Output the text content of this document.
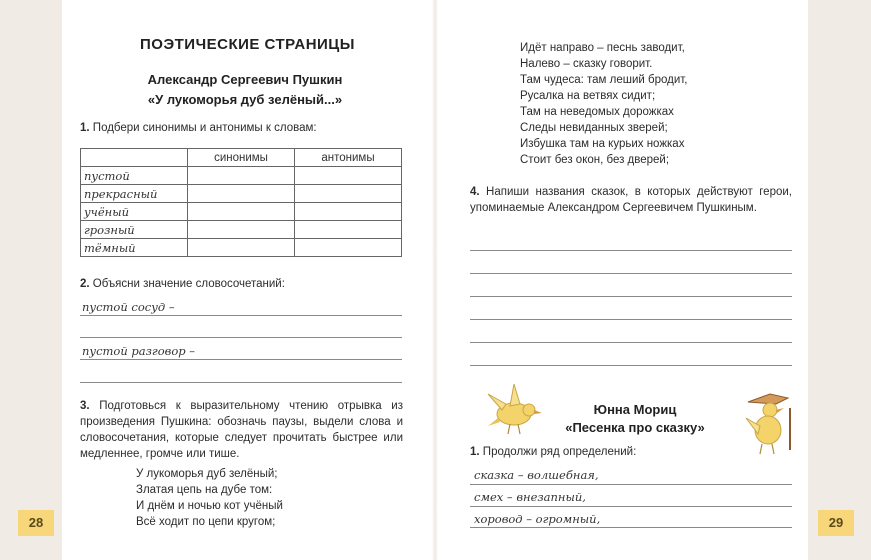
ПОЭТИЧЕСКИЕ СТРАНИЦЫ
Александр Сергеевич Пушкин
«У лукоморья дуб зелёный...»
1. Подбери синонимы и антонимы к словам:
	синонимы	антонимы
пустой		
прекрасный		
учёный		
грозный		
тёмный		
2. Объясни значение словосочетаний:
пустой сосуд –
пустой разговор –
3. Подготовься к выразительному чтению отрывка из произведения Пушкина: обозначь паузы, выдели слова и словосочетания, которые следует прочитать быстрее или медленнее, громче или тише.
У лукоморья дуб зелёный;
Златая цепь на дубе том:
И днём и ночью кот учёный
Всё ходит по цепи кругом;
28
Идёт направо – песнь заводит,
Налево – сказку говорит.
Там чудеса: там леший бродит,
Русалка на ветвях сидит;
Там на неведомых дорожках
Следы невиданных зверей;
Избушка там на курьих ножках
Стоит без окон, без дверей;
4. Напиши названия сказок, в которых действуют герои, упоминаемые Александром Сергеевичем Пушкиным.
Юнна Мориц
«Песенка про сказку»
1. Продолжи ряд определений:
сказка – волшебная,
смех – внезапный,
хоровод – огромный,	29
